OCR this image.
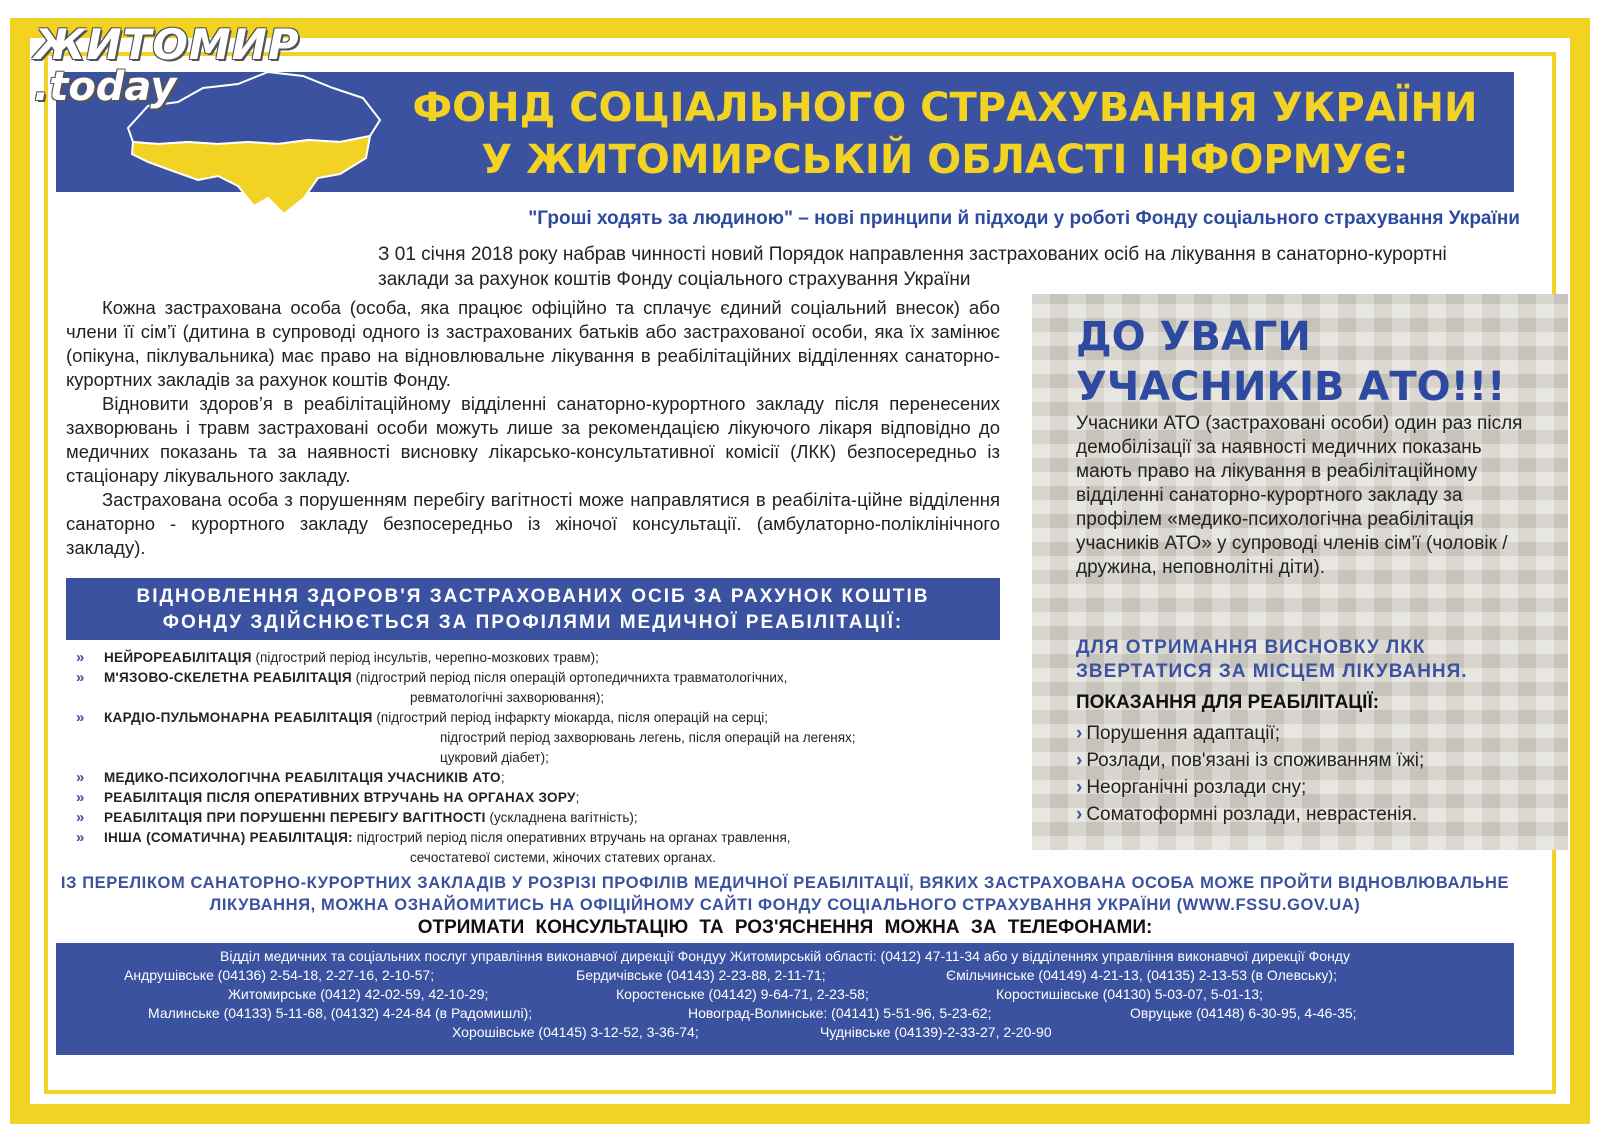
ЖИТОМИР
.today	ФОНД СОЦІАЛЬНОГО СТРАХУВАННЯ УКРАЇНИ
У ЖИТОМИРСЬКІЙ ОБЛАСТІ ІНФОРМУЄ:
"Гроші ходять за людиною" – нові принципи й підходи у роботі Фонду соціального страхування України
З 01 січня 2018 року набрав чинності новий Порядок направлення застрахованих осіб на лікування в санаторно-курортні заклади за рахунок коштів Фонду соціального страхування України

Кожна застрахована особа (особа, яка працює офіційно та сплачує єдиний соціальний внесок) або члени її сім’ї (дитина в супроводі одного із застрахованих батьків або застрахованої особи, яка їх замінює (опікуна, піклувальника) має право на відновлювальне лікування в реабілітаційних відділеннях санаторно-курортних закладів за рахунок коштів Фонду.

Відновити здоров’я в реабілітаційному відділенні санаторно-курортного закладу після перенесених захворювань і травм застраховані особи можуть лише за рекомендацією лікуючого лікаря відповідно до медичних показань та за наявності висновку лікарсько-консультативної комісії (ЛКК) безпосередньо із стаціонару лікувального закладу.

Застрахована особа з порушенням перебігу вагітності може направлятися в реабіліта-ційне відділення санаторно - курортного закладу безпосередньо із жіночої консультації. (амбулаторно-поліклінічного закладу).

ВІДНОВЛЕННЯ ЗДОРОВ'Я ЗАСТРАХОВАНИХ ОСІБ ЗА РАХУНОК КОШТІВ
ФОНДУ ЗДІЙСНЮЄТЬСЯ ЗА ПРОФІЛЯМИ МЕДИЧНОЇ РЕАБІЛІТАЦІЇ:
» НЕЙРОРЕАБІЛІТАЦІЯ (підгострий період інсультів, черепно-мозкових травм);
» М'ЯЗОВО-СКЕЛЕТНА РЕАБІЛІТАЦІЯ (підгострий період після операцій ортопедичнихта травматологічних,
ревматологічні захворювання);
» КАРДІО-ПУЛЬМОНАРНА РЕАБІЛІТАЦІЯ (підгострий період інфаркту міокарда, після операцій на серці;
підгострий період захворювань легень, після операцій на легенях;
цукровий діабет);
» МЕДИКО-ПСИХОЛОГІЧНА РЕАБІЛІТАЦІЯ УЧАСНИКІВ АТО;
» РЕАБІЛІТАЦІЯ ПІСЛЯ ОПЕРАТИВНИХ ВТРУЧАНЬ НА ОРГАНАХ ЗОРУ;
» РЕАБІЛІТАЦІЯ ПРИ ПОРУШЕННІ ПЕРЕБІГУ ВАГІТНОСТІ (ускладнена вагітність);
» ІНША (СОМАТИЧНА) РЕАБІЛІТАЦІЯ: підгострий період після оперативних втручань на органах травлення,
сечостатевої системи, жіночих статевих органах.
ДО УВАГИ
УЧАСНИКІВ АТО!!!
Учасники АТО (застраховані особи) один раз після демобілізації за наявності медичних показань мають право на лікування в реабілітаційному відділенні санаторно-курортного закладу за профілем «медико-психологічна реабілітація учасників АТО» у супроводі членів сім’ї (чоловік / дружина, неповнолітні діти).
ДЛЯ ОТРИМАННЯ ВИСНОВКУ ЛКК ЗВЕРТАТИСЯ ЗА МІСЦЕМ ЛІКУВАННЯ.
ПОКАЗАННЯ ДЛЯ РЕАБІЛІТАЦІЇ:
› Порушення адаптації;
› Розлади, пов'язані із споживанням їжі;
› Неорганічні розлади сну;
› Соматоформні розлади, неврастенія.
ІЗ ПЕРЕЛІКОМ САНАТОРНО-КУРОРТНИХ ЗАКЛАДІВ У РОЗРІЗІ ПРОФІЛІВ МЕДИЧНОЇ РЕАБІЛІТАЦІЇ, ВЯКИХ ЗАСТРАХОВАНА ОСОБА МОЖЕ ПРОЙТИ ВІДНОВЛЮВАЛЬНЕ ЛІКУВАННЯ, МОЖНА ОЗНАЙОМИТИСЬ НА ОФІЦІЙНОМУ САЙТІ ФОНДУ СОЦІАЛЬНОГО СТРАХУВАННЯ УКРАЇНИ (WWW.FSSU.GOV.UA)
ОТРИМАТИ КОНСУЛЬТАЦІЮ ТА РОЗ'ЯСНЕННЯ МОЖНА ЗА ТЕЛЕФОНАМИ:
Відділ медичних та соціальних послуг управління виконавчої дирекції Фондуу Житомирській області: (0412) 47-11-34 або у відділеннях управління виконавчої дирекції Фонду
Андрушівське (04136) 2-54-18, 2-27-16, 2-10-57;	Бердичівське (04143) 2-23-88, 2-11-71;	Ємільчинське (04149) 4-21-13, (04135) 2-13-53 (в Олевську);
Житомирське (0412) 42-02-59, 42-10-29;	Коростенське (04142) 9-64-71, 2-23-58;	Коростишівське (04130) 5-03-07, 5-01-13;
Малинське (04133) 5-11-68, (04132) 4-24-84 (в Радомишлі);	Новоград-Волинське: (04141) 5-51-96, 5-23-62;	Овруцьке (04148) 6-30-95, 4-46-35;
Хорошівське (04145) 3-12-52, 3-36-74;	Чуднівське (04139)-2-33-27, 2-20-90
